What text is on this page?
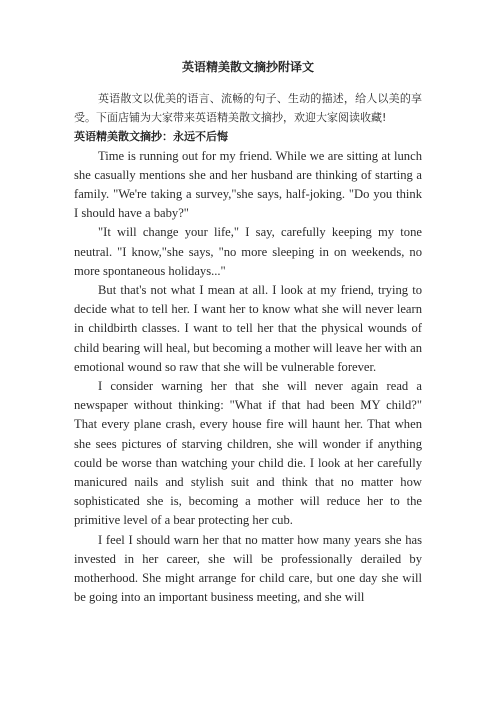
英语精美散文摘抄附译文

英语散文以优美的语言、流畅的句子、生动的描述，给人以美的享受。下面店铺为大家带来英语精美散文摘抄，欢迎大家阅读收藏!

英语精美散文摘抄：永远不后悔

Time is running out for my friend. While we are sitting at lunch she casually mentions she and her husband are thinking of starting a family. "We're taking a survey,"she says, half-joking. "Do you think I should have a baby?"

"It will change your life," I say, carefully keeping my tone neutral. "I know,"she says, "no more sleeping in on weekends, no more spontaneous holidays..."

But that's not what I mean at all. I look at my friend, trying to decide what to tell her. I want her to know what she will never learn in childbirth classes. I want to tell her that the physical wounds of child bearing will heal, but becoming a mother will leave her with an emotional wound so raw that she will be vulnerable forever.

I consider warning her that she will never again read a newspaper without thinking: "What if that had been MY child?" That every plane crash, every house fire will haunt her. That when she sees pictures of starving children, she will wonder if anything could be worse than watching your child die. I look at her carefully manicured nails and stylish suit and think that no matter how sophisticated she is, becoming a mother will reduce her to the primitive level of a bear protecting her cub.

I feel I should warn her that no matter how many years she has invested in her career, she will be professionally derailed by motherhood. She might arrange for child care, but one day she will be going into an important business meeting, and she will
